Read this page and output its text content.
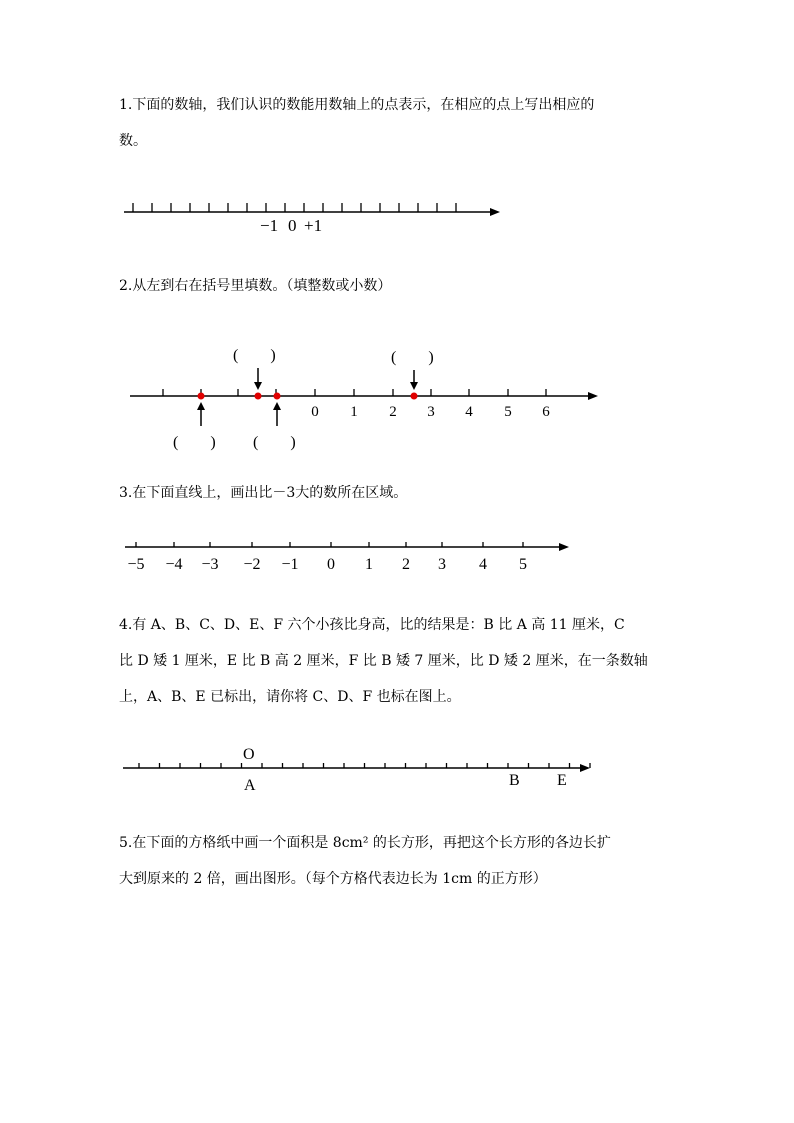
1.下面的数轴，我们认识的数能用数轴上的点表示，在相应的点上写出相应的

数。

−1 0 +1

2.从左到右在括号里填数。（填整数或小数）

0 1 2 3 4 5 6
(　　)	(　　)
(　　) (　　)

3.在下面直线上，画出比－3大的数所在区域。

−5 −4 −3 −2 −1 0 1 2 3 4 5

4.有 A、B、C、D、E、F 六个小孩比身高，比的结果是：B 比 A 高 11 厘米，C

比 D 矮 1 厘米，E 比 B 高 2 厘米，F 比 B 矮 7 厘米，比 D 矮 2 厘米，在一条数轴

上，A、B、E 已标出，请你将 C、D、F 也标在图上。

O
A	B E

5.在下面的方格纸中画一个面积是 8cm² 的长方形，再把这个长方形的各边长扩

大到原来的 2 倍，画出图形。（每个方格代表边长为 1cm 的正方形）
